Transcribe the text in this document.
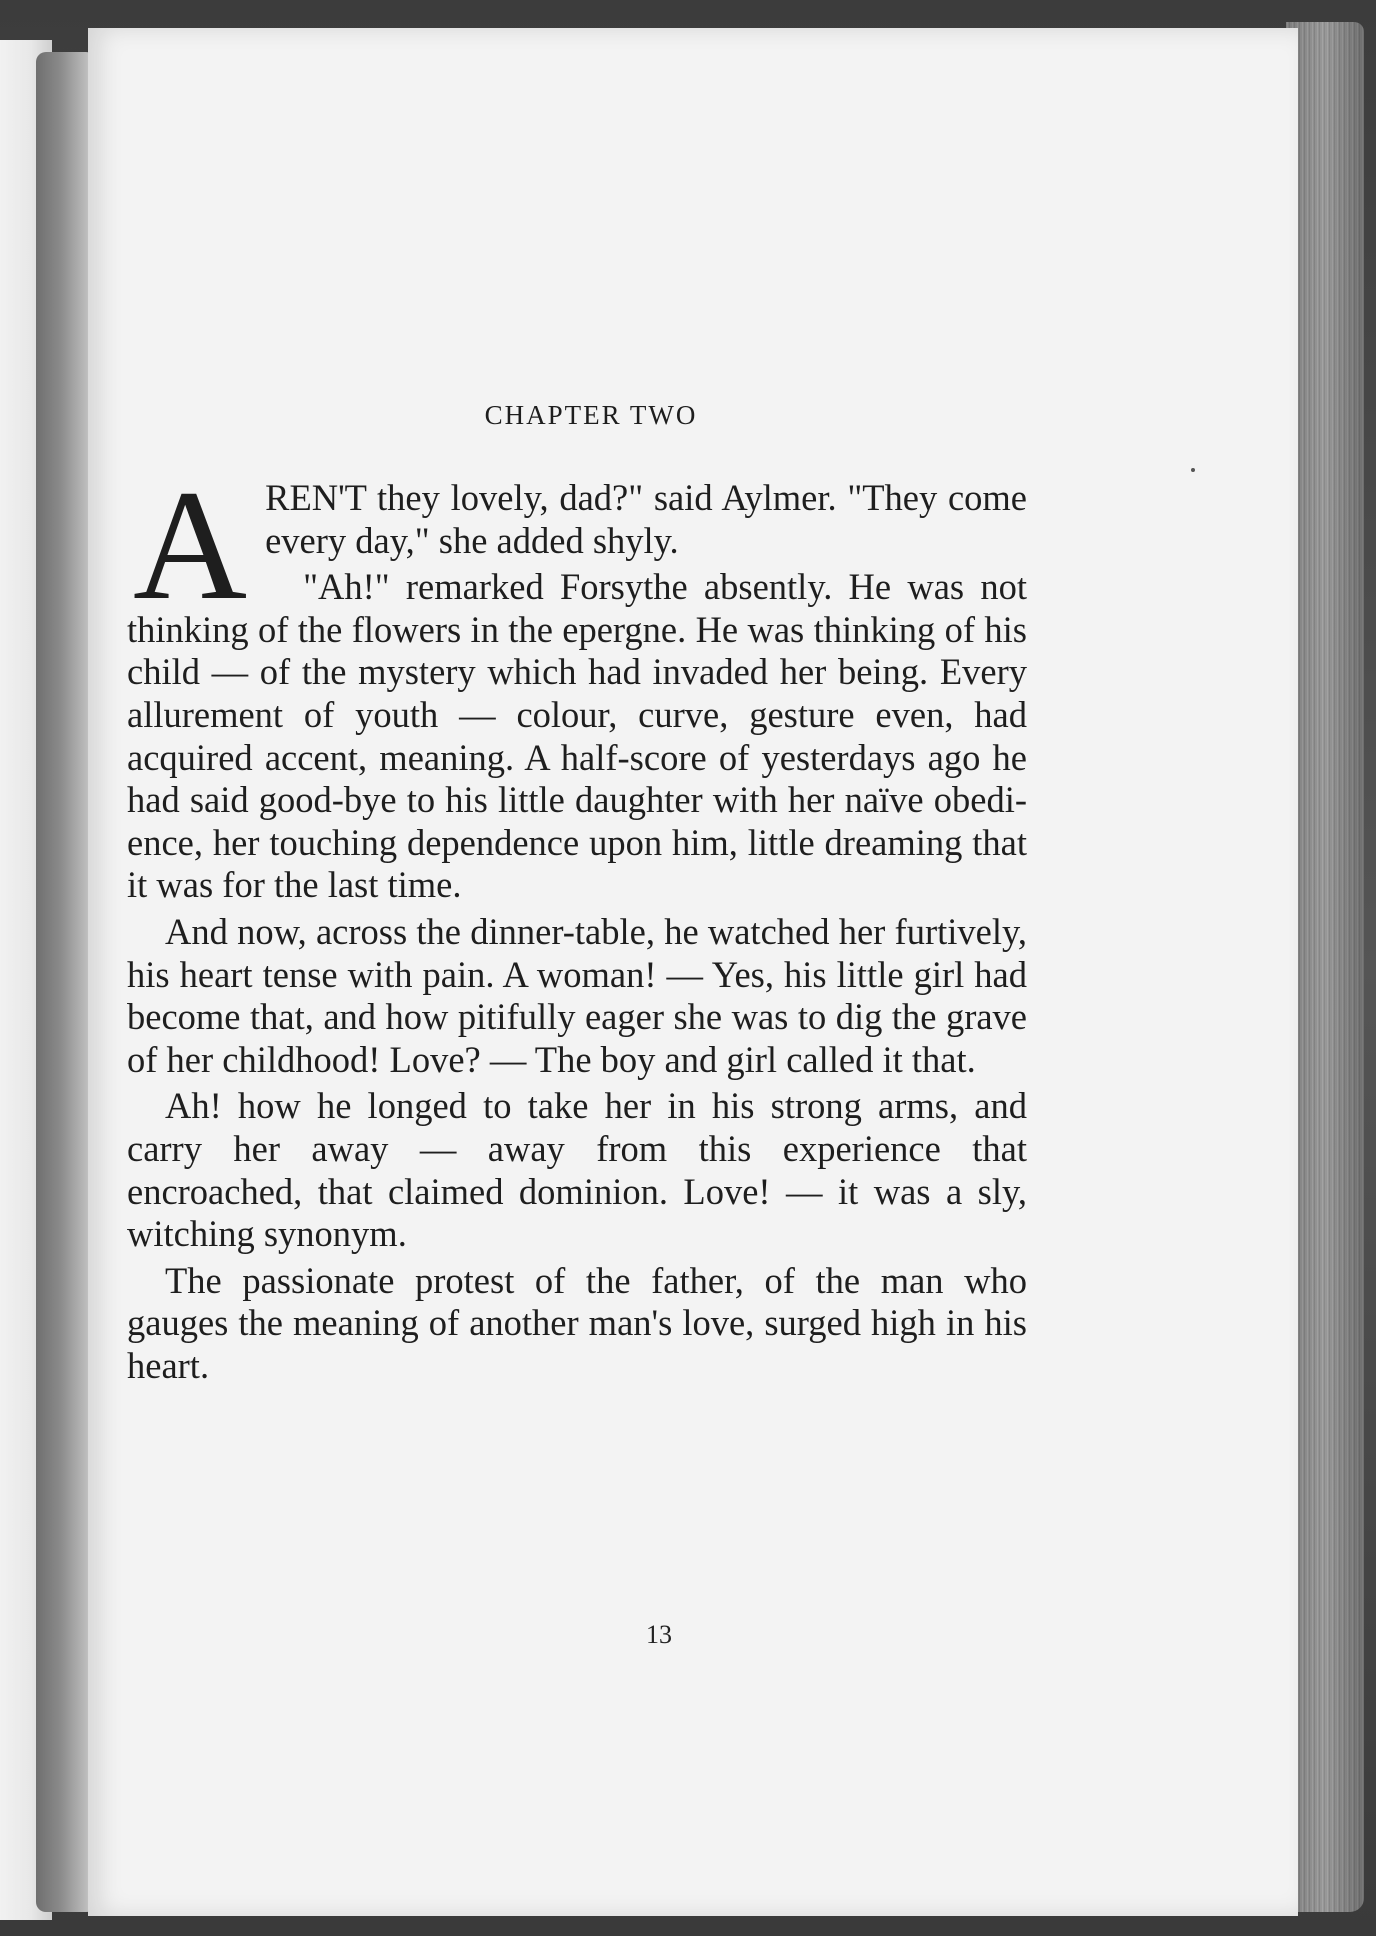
CHAPTER TWO

AREN'T they lovely, dad?" said Aylmer. "They come every day," she added shyly.

"Ah!" remarked Forsythe absently. He was not thinking of the flowers in the epergne. He was thinking of his child — of the mystery which had invaded her being. Every allurement of youth — colour, curve, gesture even, had acquired accent, meaning. A half-score of yesterdays ago he had said good-bye to his little daughter with her naïve obedience, her touching dependence upon him, little dreaming that it was for the last time.

And now, across the dinner-table, he watched her furtively, his heart tense with pain. A woman! — Yes, his little girl had become that, and how pitifully eager she was to dig the grave of her childhood! Love? — The boy and girl called it that.

Ah! how he longed to take her in his strong arms, and carry her away — away from this experience that encroached, that claimed dominion. Love! — it was a sly, witching synonym.

The passionate protest of the father, of the man who gauges the meaning of another man's love, surged high in his heart.

13
